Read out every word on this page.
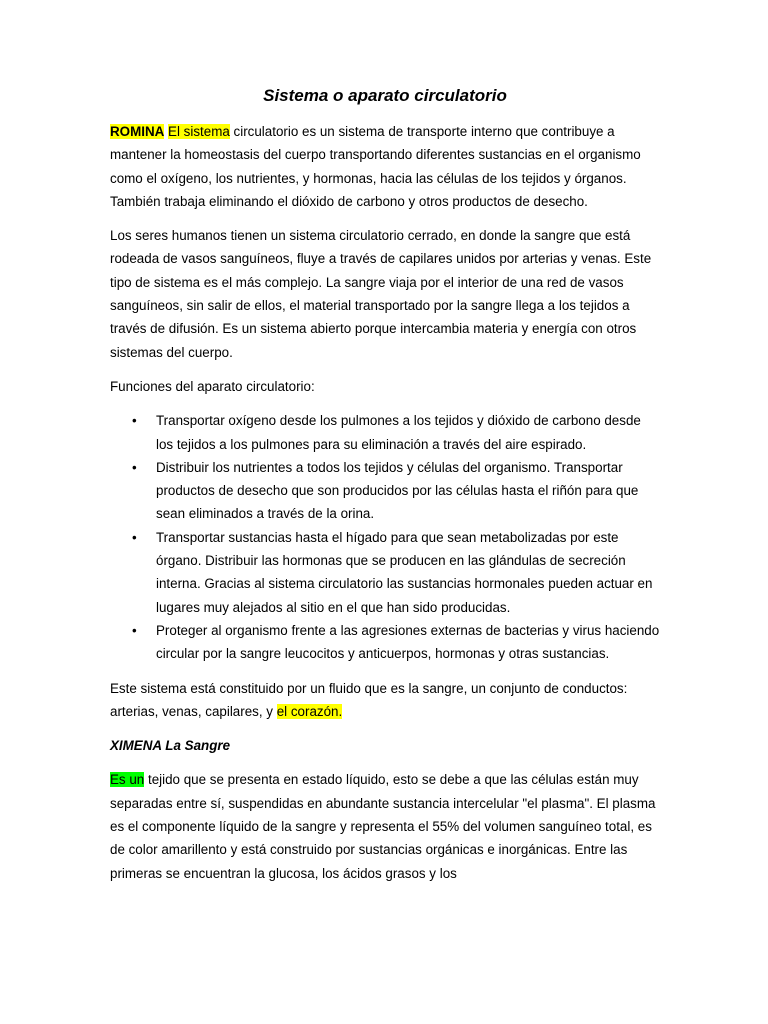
Sistema o aparato circulatorio

ROMINA El sistema circulatorio es un sistema de transporte interno que contribuye a mantener la homeostasis del cuerpo transportando diferentes sustancias en el organismo como el oxígeno, los nutrientes, y hormonas, hacia las células de los tejidos y órganos. También trabaja eliminando el dióxido de carbono y otros productos de desecho.

Los seres humanos tienen un sistema circulatorio cerrado, en donde la sangre que está rodeada de vasos sanguíneos, fluye a través de capilares unidos por arterias y venas. Este tipo de sistema es el más complejo. La sangre viaja por el interior de una red de vasos sanguíneos, sin salir de ellos, el material transportado por la sangre llega a los tejidos a través de difusión. Es un sistema abierto porque intercambia materia y energía con otros sistemas del cuerpo.

Funciones del aparato circulatorio:

• Transportar oxígeno desde los pulmones a los tejidos y dióxido de carbono desde los tejidos a los pulmones para su eliminación a través del aire espirado.
• Distribuir los nutrientes a todos los tejidos y células del organismo. Transportar productos de desecho que son producidos por las células hasta el riñón para que sean eliminados a través de la orina.
• Transportar sustancias hasta el hígado para que sean metabolizadas por este órgano. Distribuir las hormonas que se producen en las glándulas de secreción interna. Gracias al sistema circulatorio las sustancias hormonales pueden actuar en lugares muy alejados al sitio en el que han sido producidas.
• Proteger al organismo frente a las agresiones externas de bacterias y virus haciendo circular por la sangre leucocitos y anticuerpos, hormonas y otras sustancias.

Este sistema está constituido por un fluido que es la sangre, un conjunto de conductos: arterias, venas, capilares, y el corazón.

XIMENA La Sangre

Es un tejido que se presenta en estado líquido, esto se debe a que las células están muy separadas entre sí, suspendidas en abundante sustancia intercelular "el plasma". El plasma es el componente líquido de la sangre y representa el 55% del volumen sanguíneo total, es de color amarillento y está construido por sustancias orgánicas e inorgánicas. Entre las primeras se encuentran la glucosa, los ácidos grasos y los
